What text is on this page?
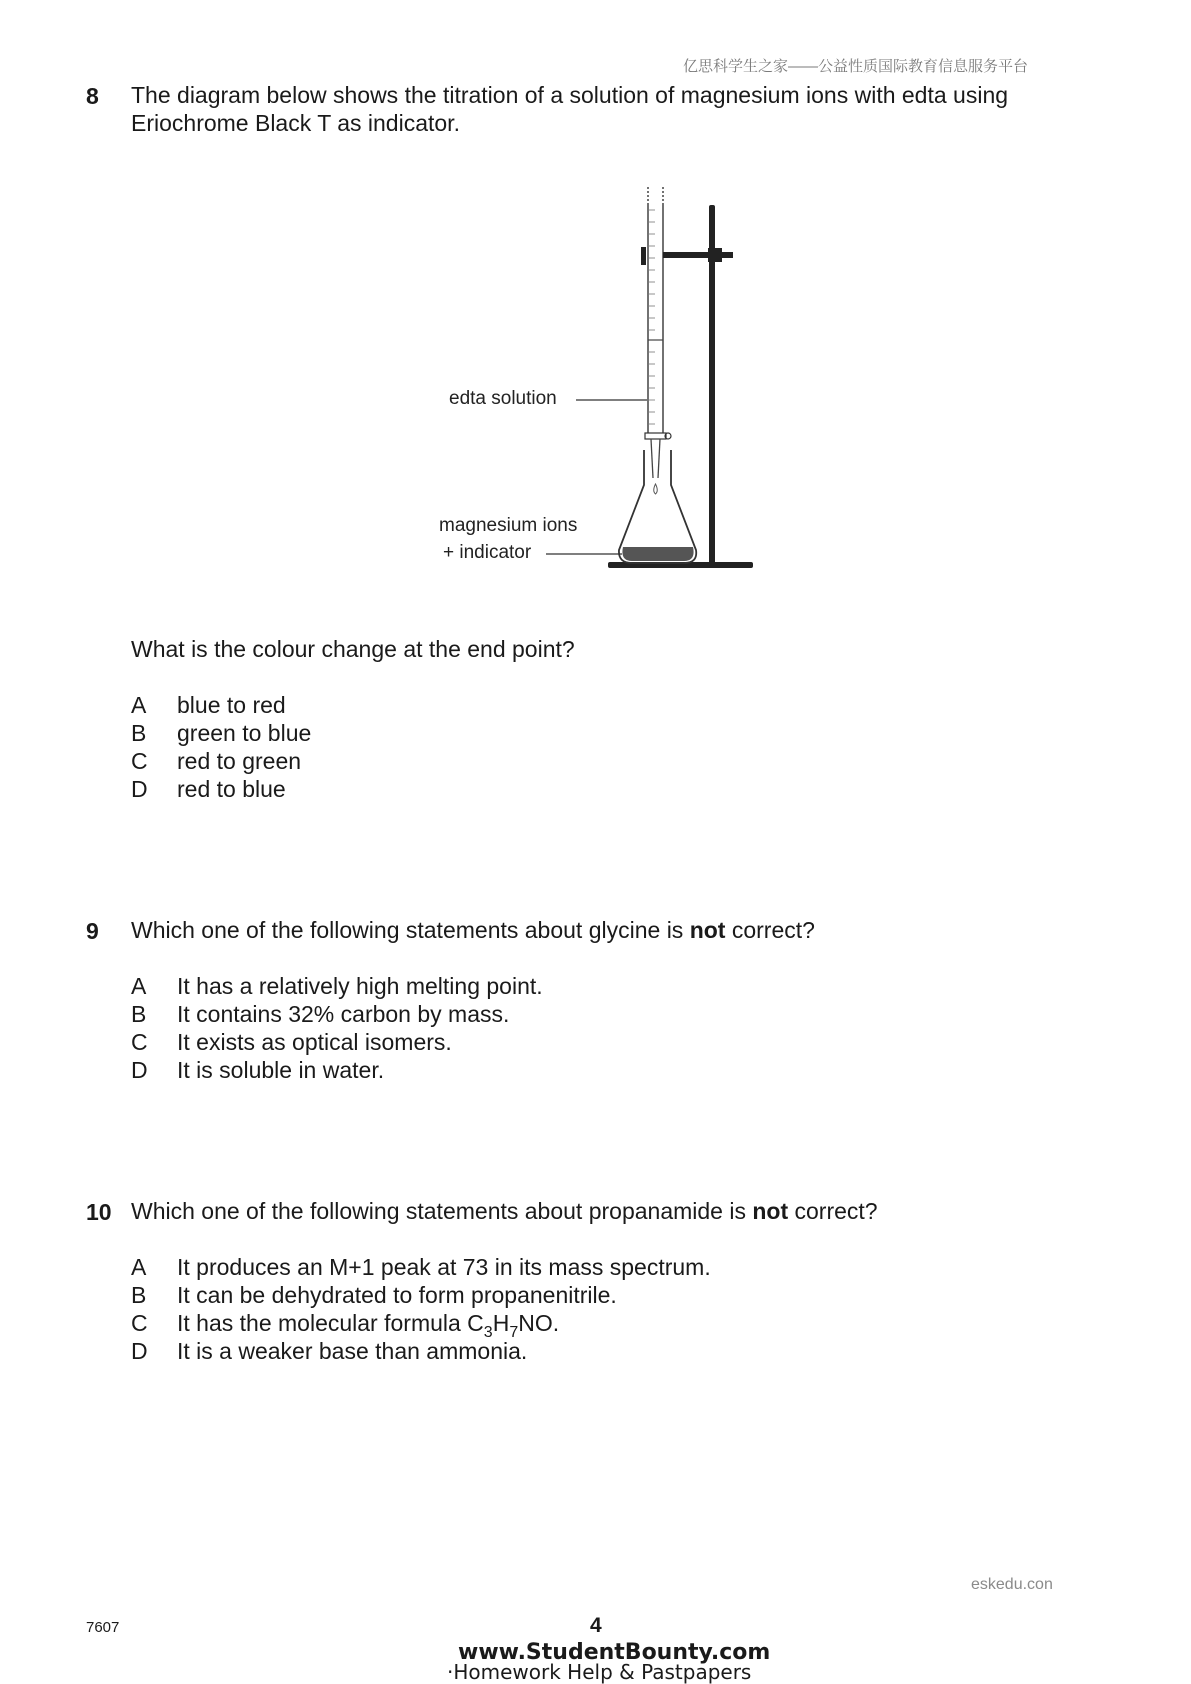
亿思科学生之家——公益性质国际教育信息服务平台
8 The diagram below shows the titration of a solution of magnesium ions with edta using
Eriochrome Black T as indicator.
edta solution
magnesium ions
+ indicator
What is the colour change at the end point?
A blue to red
B green to blue
C red to green
D red to blue
9 Which one of the following statements about glycine is not correct?
A It has a relatively high melting point.
B It contains 32% carbon by mass.
C It exists as optical isomers.
D It is soluble in water.
10 Which one of the following statements about propanamide is not correct?
A It produces an M+1 peak at 73 in its mass spectrum.
B It can be dehydrated to form propanenitrile.
C It has the molecular formula $C_3H_7NO$.
D It is a weaker base than ammonia.
eskedu.con
7607	4
www.StudentBounty.com
·Homework Help & Pastpapers
